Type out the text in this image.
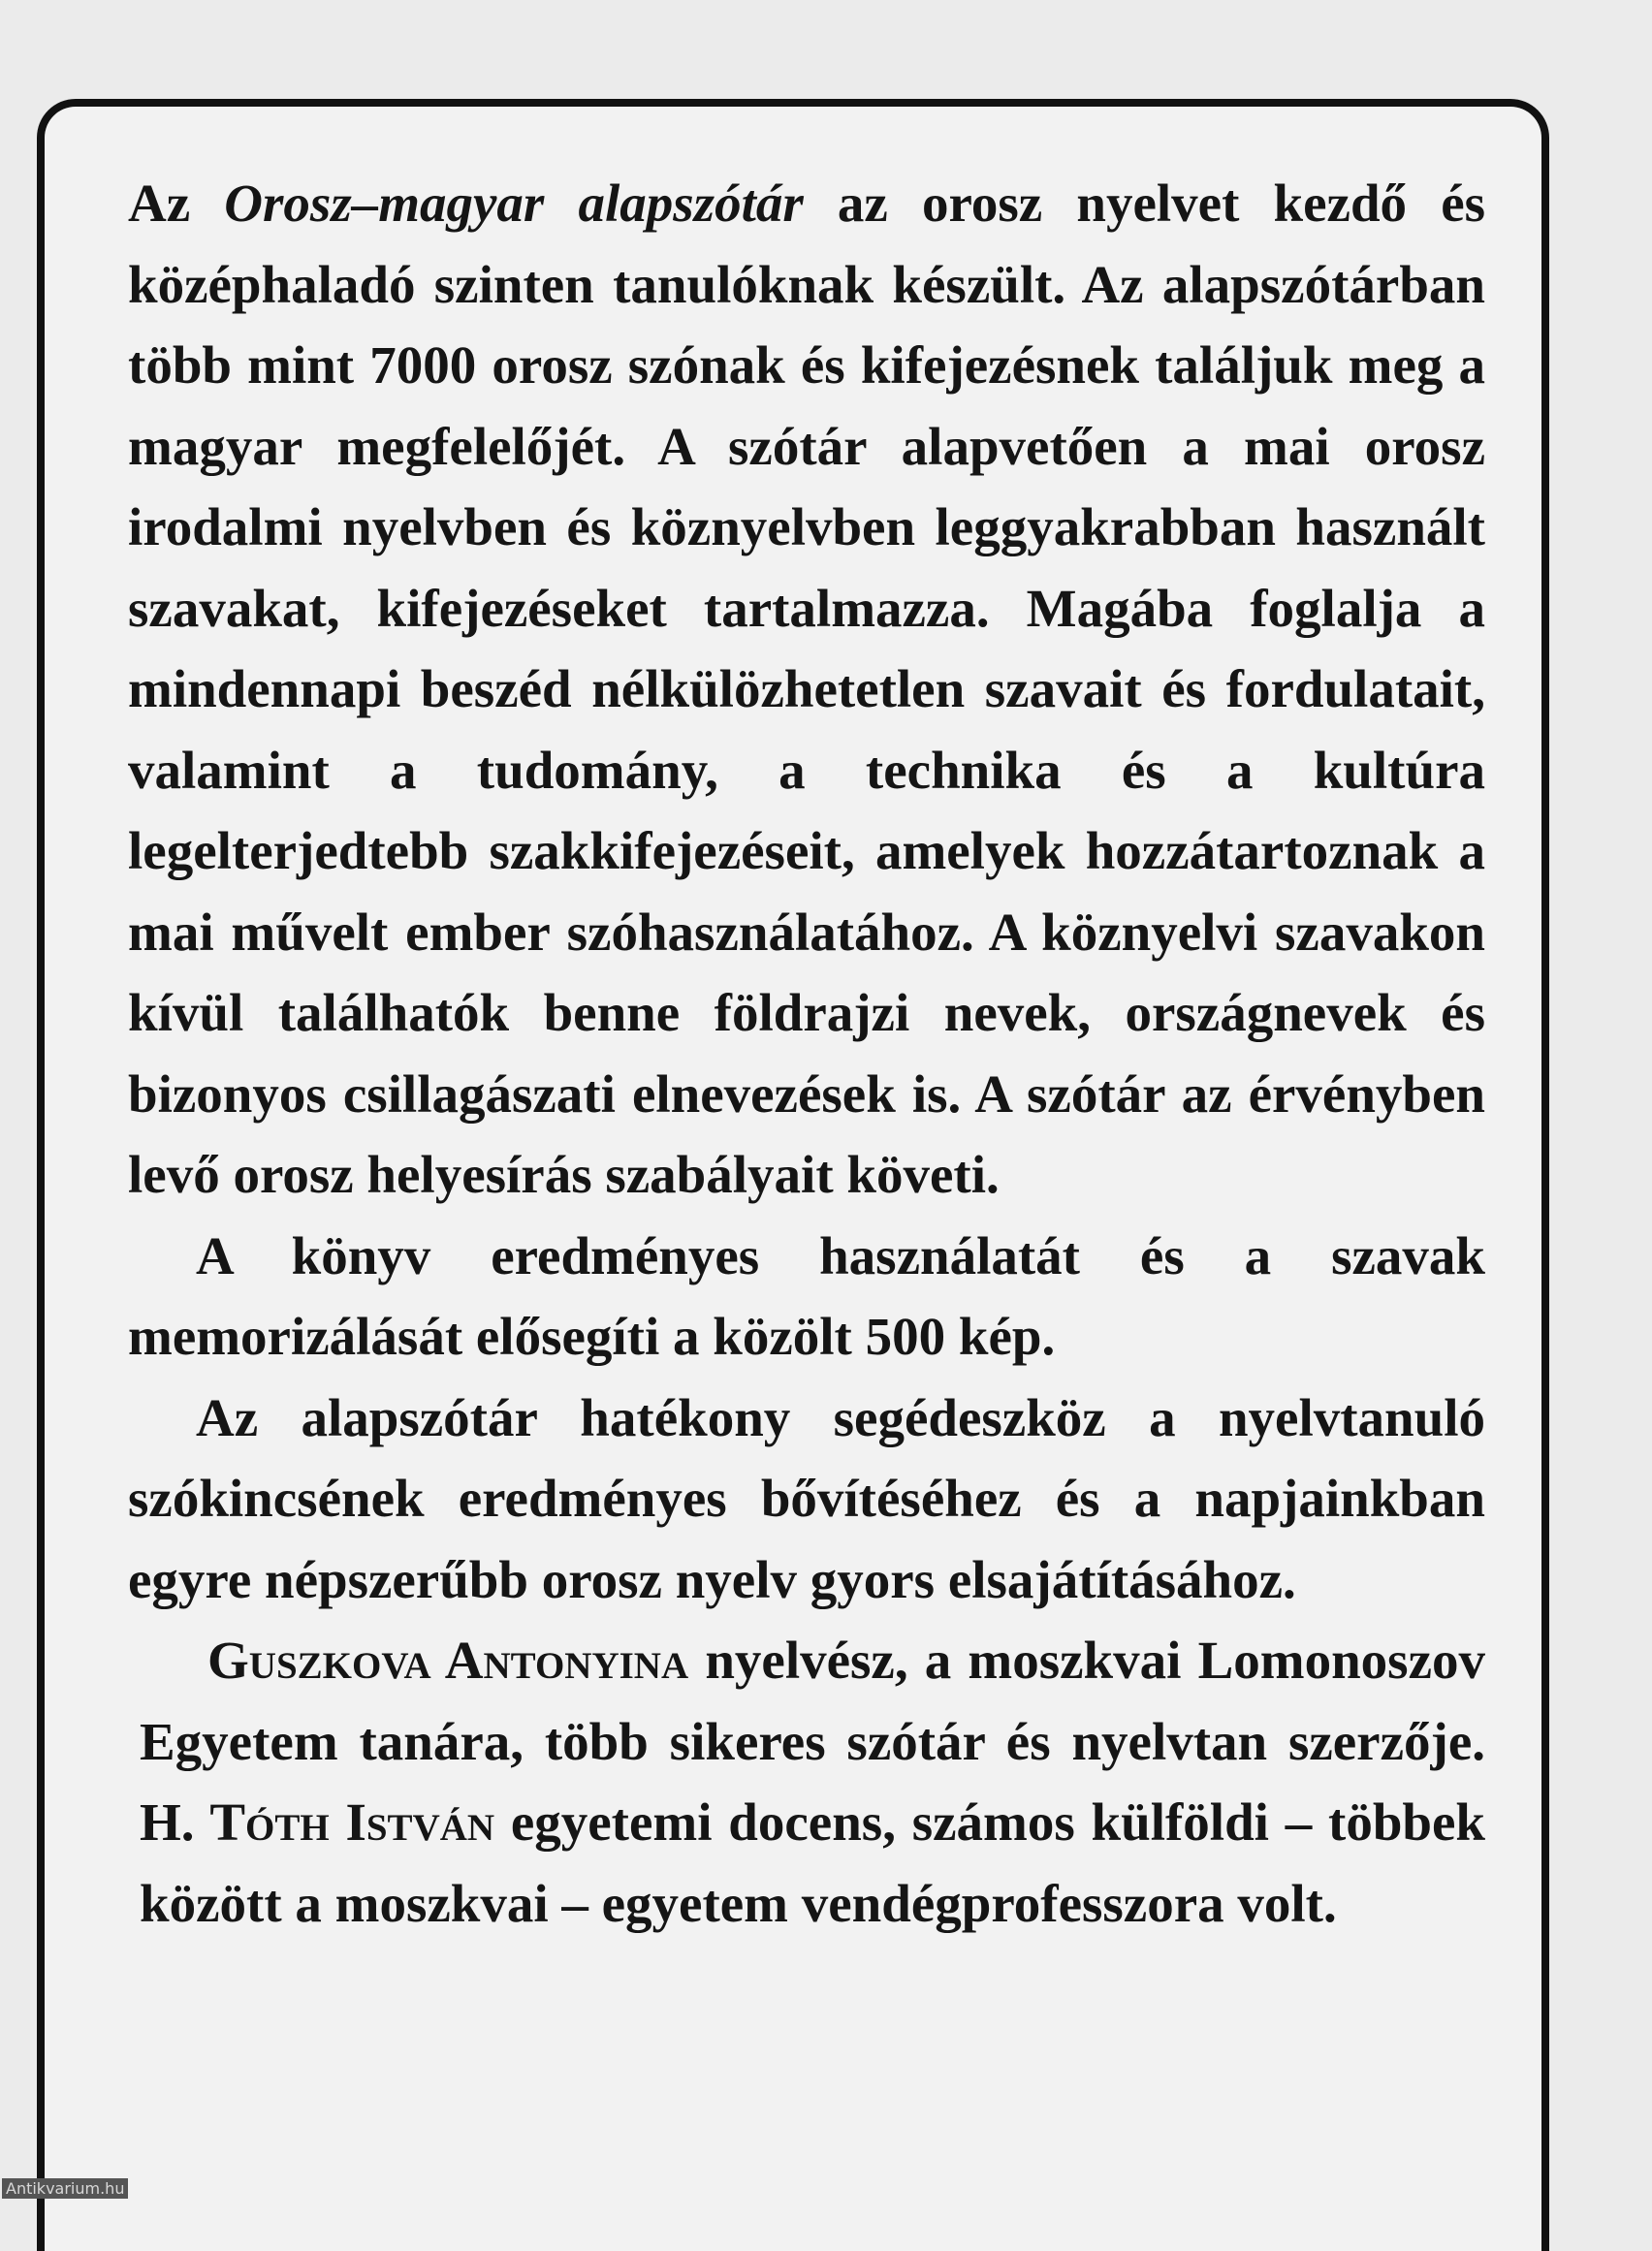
Az Orosz–magyar alapszótár az orosz nyelvet kezdő és középhaladó szinten tanulóknak készült. Az alapszótárban több mint 7000 orosz szónak és kifejezésnek találjuk meg a magyar megfelelőjét. A szótár alapvetően a mai orosz irodalmi nyelvben és köznyelvben leggyakrabban használt szavakat, kifejezéseket tartalmazza. Magába foglalja a mindennapi beszéd nélkülözhetetlen szavait és fordulatait, valamint a tudomány, a technika és a kultúra legelterjedtebb szakkifejezéseit, amelyek hozzátartoznak a mai művelt ember szóhasználatához. A köznyelvi szavakon kívül találhatók benne földrajzi nevek, országnevek és bizonyos csillagászati elnevezések is. A szótár az érvényben levő orosz helyesírás szabályait követi.

A könyv eredményes használatát és a szavak memorizálását elősegíti a közölt 500 kép.

Az alapszótár hatékony segédeszköz a nyelvtanuló szókincsének eredményes bővítéséhez és a napjainkban egyre népszerűbb orosz nyelv gyors elsajátításához.

Guszkova Antonyina nyelvész, a moszkvai Lomonoszov Egyetem tanára, több sikeres szótár és nyelvtan szerzője. H. Tóth István egyetemi docens, számos külföldi – többek között a moszkvai – egyetem vendégprofesszora volt.

Antikvarium.hu
